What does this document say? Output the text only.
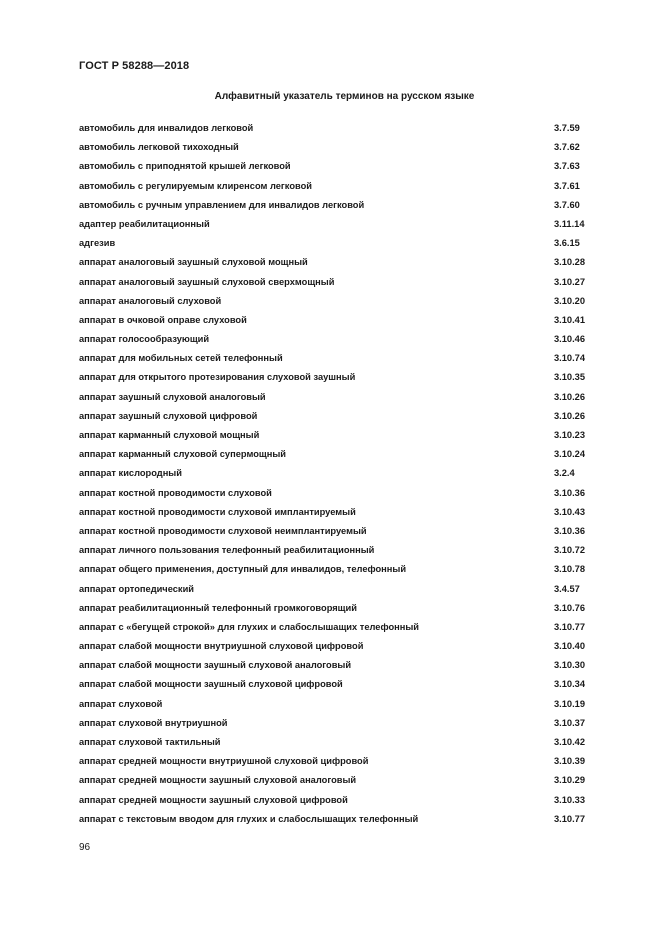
ГОСТ Р 58288—2018
Алфавитный указатель терминов на русском языке
автомобиль для инвалидов легковой	3.7.59
автомобиль легковой тихоходный	3.7.62
автомобиль с приподнятой крышей легковой	3.7.63
автомобиль с регулируемым клиренсом легковой	3.7.61
автомобиль с ручным управлением для инвалидов легковой	3.7.60
адаптер реабилитационный	3.11.14
адгезив	3.6.15
аппарат аналоговый заушный слуховой мощный	3.10.28
аппарат аналоговый заушный слуховой сверхмощный	3.10.27
аппарат аналоговый слуховой	3.10.20
аппарат в очковой оправе слуховой	3.10.41
аппарат голосообразующий	3.10.46
аппарат для мобильных сетей телефонный	3.10.74
аппарат для открытого протезирования слуховой заушный	3.10.35
аппарат заушный слуховой аналоговый	3.10.26
аппарат заушный слуховой цифровой	3.10.26
аппарат карманный слуховой мощный	3.10.23
аппарат карманный слуховой супермощный	3.10.24
аппарат кислородный	3.2.4
аппарат костной проводимости слуховой	3.10.36
аппарат костной проводимости слуховой имплантируемый	3.10.43
аппарат костной проводимости слуховой неимплантируемый	3.10.36
аппарат личного пользования телефонный реабилитационный	3.10.72
аппарат общего применения, доступный для инвалидов, телефонный	3.10.78
аппарат ортопедический	3.4.57
аппарат реабилитационный телефонный громкоговорящий	3.10.76
аппарат с «бегущей строкой» для глухих и слабослышащих телефонный	3.10.77
аппарат слабой мощности внутриушной слуховой цифровой	3.10.40
аппарат слабой мощности заушный слуховой аналоговый	3.10.30
аппарат слабой мощности заушный слуховой цифровой	3.10.34
аппарат слуховой	3.10.19
аппарат слуховой внутриушной	3.10.37
аппарат слуховой тактильный	3.10.42
аппарат средней мощности внутриушной слуховой цифровой	3.10.39
аппарат средней мощности заушный слуховой аналоговый	3.10.29
аппарат средней мощности заушный слуховой цифровой	3.10.33
аппарат с текстовым вводом для глухих и слабослышащих телефонный	3.10.77
96
